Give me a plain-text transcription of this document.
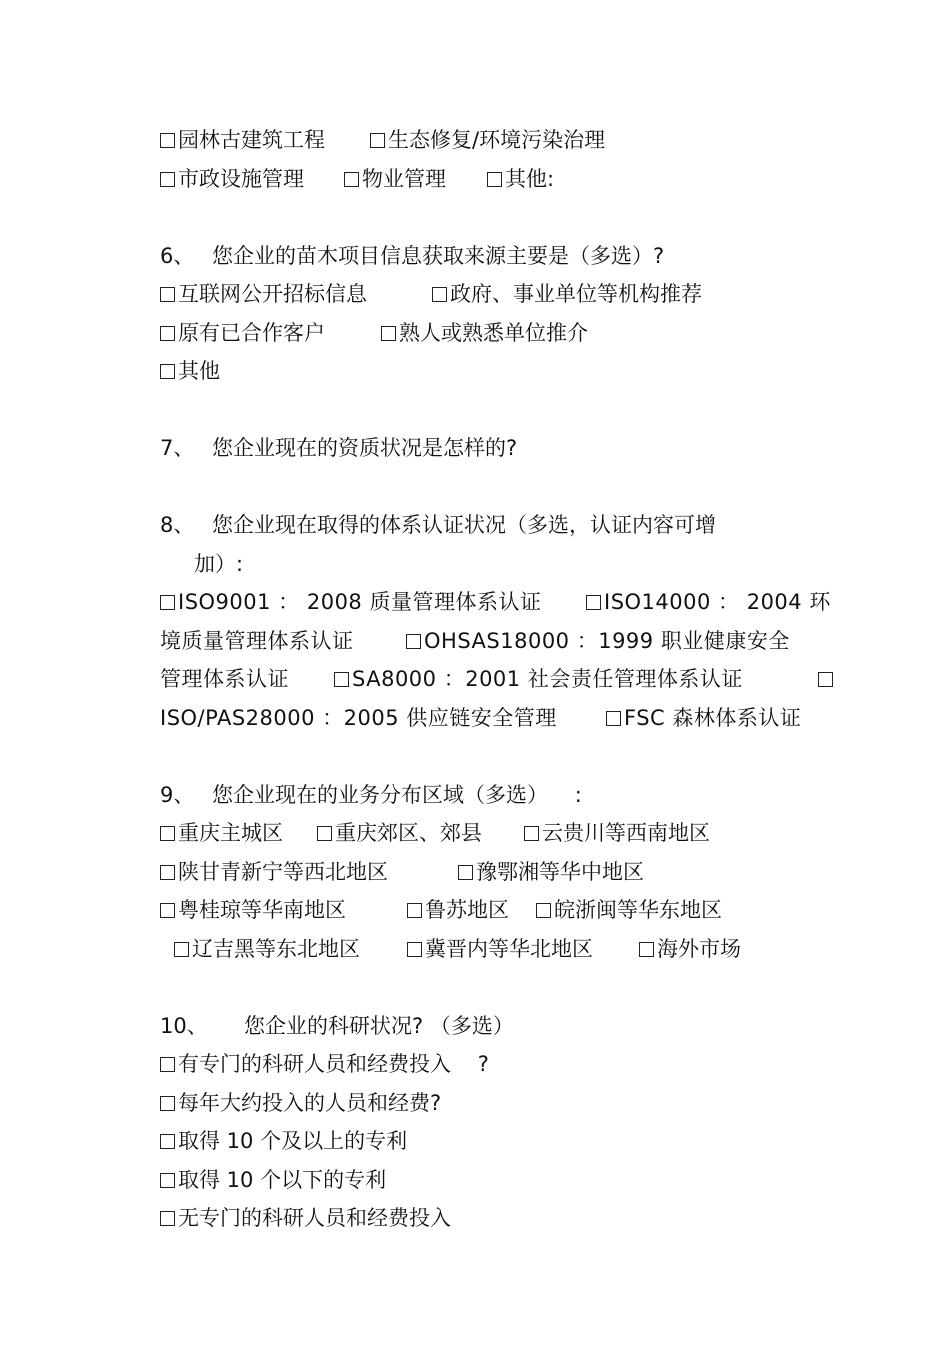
园林古建筑工程	生态修复/环境污染治理
市政设施管理	物业管理	其他:
6、 您企业的苗木项目信息获取来源主要是（多选）?
互联网公开招标信息	政府、事业单位等机构推荐
原有已合作客户	熟人或熟悉单位推介
其他
7、 您企业现在的资质状况是怎样的?
8、 您企业现在取得的体系认证状况（多选，认证内容可增
加）:
ISO9001 ： 2008 质量管理体系认证	ISO14000 ： 2004 环
境质量管理体系认证	OHSAS18000 ：1999 职业健康安全
管理体系认证	SA8000 ：2001 社会责任管理体系认证
ISO/PAS28000 ：2005 供应链安全管理	FSC 森林体系认证
9、 您企业现在的业务分布区域（多选）    :
重庆主城区 重庆郊区、郊县	云贵川等西南地区
陕甘青新宁等西北地区	豫鄂湘等华中地区
粤桂琼等华南地区	鲁苏地区 皖浙闽等华东地区
辽吉黑等东北地区	冀晋内等华北地区	海外市场
10、 您企业的科研状况? （多选）
有专门的科研人员和经费投入    ?
每年大约投入的人员和经费?
取得 10 个及以上的专利
取得 10 个以下的专利
无专门的科研人员和经费投入
